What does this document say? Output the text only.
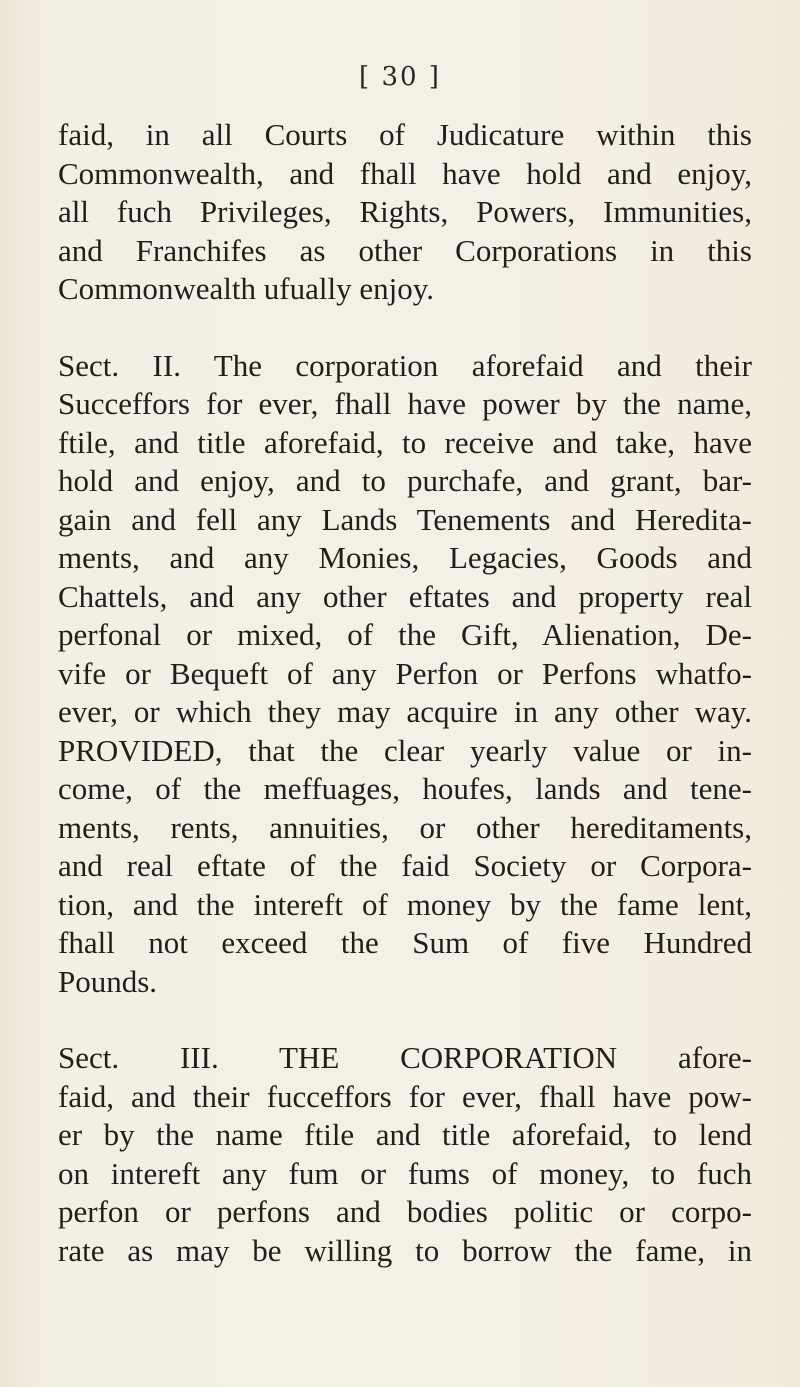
[ 30 ]
faid, in all Courts of Judicature within this
Commonwealth, and fhall have hold and enjoy,
all fuch Privileges, Rights, Powers, Immunities,
and Franchifes as other Corporations in this
Commonwealth ufually enjoy.
Sect. II. The corporation aforefaid and their
Succeffors for ever, fhall have power by the name,
ftile, and title aforefaid, to receive and take, have
hold and enjoy, and to purchafe, and grant, bar-
gain and fell any Lands Tenements and Heredita-
ments, and any Monies, Legacies, Goods and
Chattels, and any other eftates and property real
perfonal or mixed, of the Gift, Alienation, De-
vife or Bequeft of any Perfon or Perfons whatfo-
ever, or which they may acquire in any other way.
PROVIDED, that the clear yearly value or in-
come, of the meffuages, houfes, lands and tene-
ments, rents, annuities, or other hereditaments,
and real eftate of the faid Society or Corpora-
tion, and the intereft of money by the fame lent,
fhall not exceed the Sum of five Hundred
Pounds.
Sect. III. THE CORPORATION afore-
faid, and their fucceffors for ever, fhall have pow-
er by the name ftile and title aforefaid, to lend
on intereft any fum or fums of money, to fuch
perfon or perfons and bodies politic or corpo-
rate as may be willing to borrow the fame, in
